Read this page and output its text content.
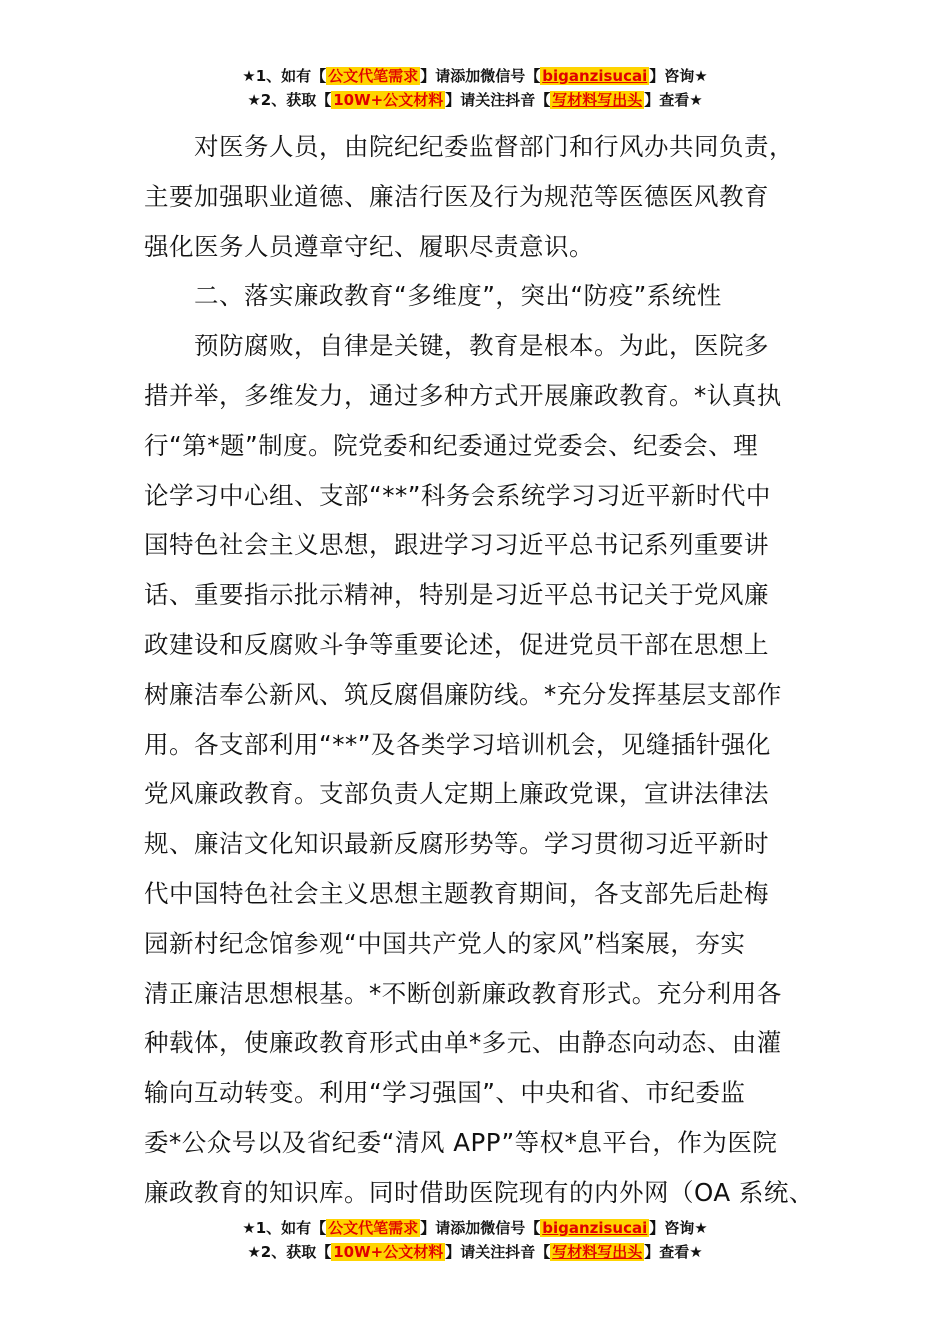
★1、如有【 公文代笔需求 】请添加微信号【 biganzisucai 】咨询★
★2、获取【 10W+公文材料 】请关注抖音【 写材料写出头 】查看★

对医务人员，由院纪纪委监督部门和行风办共同负责，
主要加强职业道德、廉洁行医及行为规范等医德医风教育
强化医务人员遵章守纪、履职尽责意识。

二、落实廉政教育“多维度”，突出“防疫”系统性

预防腐败，自律是关键，教育是根本。为此，医院多
措并举，多维发力，通过多种方式开展廉政教育。*认真执
行“第*题”制度。院党委和纪委通过党委会、纪委会、理
论学习中心组、支部“**”科务会系统学习习近平新时代中
国特色社会主义思想，跟进学习习近平总书记系列重要讲
话、重要指示批示精神，特别是习近平总书记关于党风廉
政建设和反腐败斗争等重要论述，促进党员干部在思想上
树廉洁奉公新风、筑反腐倡廉防线。*充分发挥基层支部作
用。各支部利用“**”及各类学习培训机会，见缝插针强化
党风廉政教育。支部负责人定期上廉政党课，宣讲法律法
规、廉洁文化知识最新反腐形势等。学习贯彻习近平新时
代中国特色社会主义思想主题教育期间，各支部先后赴梅
园新村纪念馆参观“中国共产党人的家风”档案展，夯实
清正廉洁思想根基。*不断创新廉政教育形式。充分利用各
种载体，使廉政教育形式由单*多元、由静态向动态、由灌
输向互动转变。利用“学习强国”、中央和省、市纪委监
委*公众号以及省纪委“清风 APP”等权*息平台，作为医院
廉政教育的知识库。同时借助医院现有的内外网（OA 系统、

★1、如有【 公文代笔需求 】请添加微信号【 biganzisucai 】咨询★
★2、获取【 10W+公文材料 】请关注抖音【 写材料写出头 】查看★
